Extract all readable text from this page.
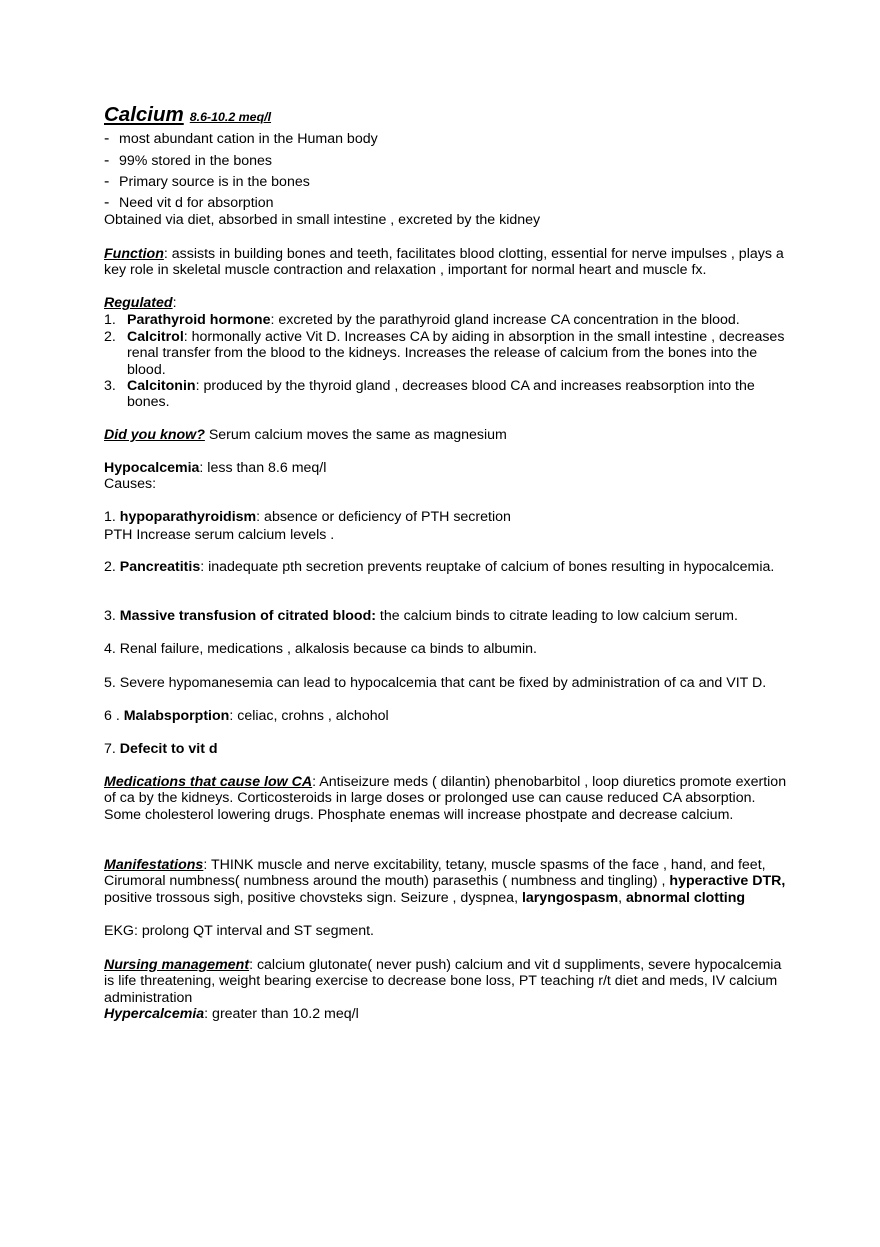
Calcium 8.6-10.2 meq/l
- most abundant cation in the Human body
- 99% stored in the bones
- Primary source is in the bones
- Need vit d for absorption
Obtained via diet, absorbed in small intestine , excreted by the kidney
Function: assists in building bones and teeth, facilitates blood clotting, essential for nerve impulses , plays a key role in skeletal muscle contraction and relaxation , important for normal heart and muscle fx.
Regulated:
1. Parathyroid hormone: excreted by the parathyroid gland increase CA concentration in the blood.
2. Calcitrol: hormonally active Vit D. Increases CA by aiding in absorption in the small intestine , decreases renal transfer from the blood to the kidneys. Increases the release of calcium from the bones into the blood.
3. Calcitonin: produced by the thyroid gland , decreases blood CA and increases reabsorption into the bones.
Did you know? Serum calcium moves the same as magnesium
Hypocalcemia: less than 8.6 meq/l
Causes:
1. hypoparathyroidism: absence or deficiency of PTH secretion
PTH Increase serum calcium levels .
2. Pancreatitis: inadequate pth secretion prevents reuptake of calcium of bones resulting in hypocalcemia.
3. Massive transfusion of citrated blood: the calcium binds to citrate leading to low calcium serum.
4. Renal failure, medications , alkalosis because ca binds to albumin.
5. Severe hypomanesemia can lead to hypocalcemia that cant be fixed by administration of ca and VIT D.
6 . Malabsporption: celiac, crohns , alchohol
7. Defecit to vit d
Medications that cause low CA: Antiseizure meds ( dilantin) phenobarbitol , loop diuretics promote exertion of ca by the kidneys. Corticosteroids in large doses or prolonged use can cause reduced CA absorption. Some cholesterol lowering drugs. Phosphate enemas will increase phostpate and decrease calcium.
Manifestations: THINK muscle and nerve excitability, tetany, muscle spasms of the face , hand, and feet, Cirumoral numbness( numbness around the mouth) parasethis ( numbness and tingling) , hyperactive DTR, positive trossous sigh, positive chovsteks sign. Seizure , dyspnea, laryngospasm, abnormal clotting
EKG: prolong QT interval and ST segment.
Nursing management: calcium glutonate( never push) calcium and vit d suppliments, severe hypocalcemia is life threatening, weight bearing exercise to decrease bone loss, PT teaching r/t diet and meds, IV calcium administration
Hypercalcemia: greater than 10.2 meq/l
